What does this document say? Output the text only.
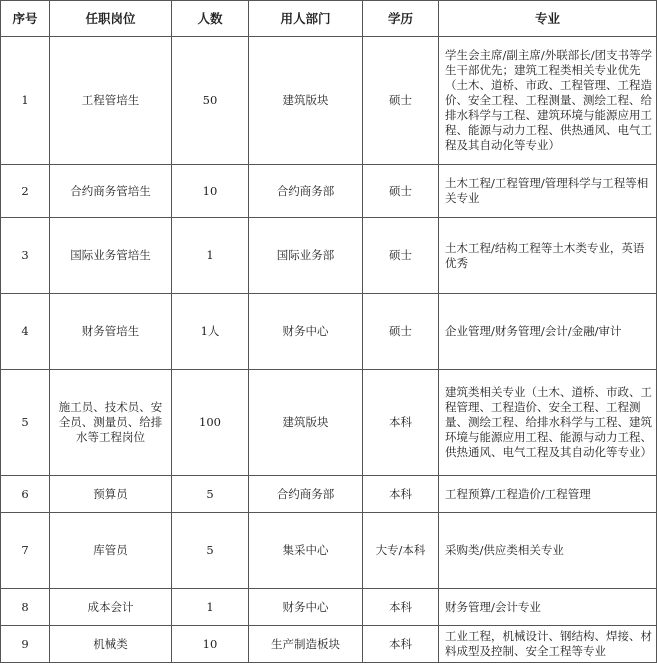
序号	任职岗位	人数	用人部门	学历	专业
1	工程管培生	50	建筑版块	硕士	学生会主席/副主席/外联部长/团支书等学生干部优先；建筑工程类相关专业优先（土木、道桥、市政、工程管理、工程造价、安全工程、工程测量、测绘工程、给排水科学与工程、建筑环境与能源应用工程、能源与动力工程、供热通风、电气工程及其自动化等专业）
2	合约商务管培生	10	合约商务部	硕士	土木工程/工程管理/管理科学与工程等相关专业
3	国际业务管培生	1	国际业务部	硕士	土木工程/结构工程等土木类专业，英语优秀
4	财务管培生	1人	财务中心	硕士	企业管理/财务管理/会计/金融/审计
5	施工员、技术员、安全员、测量员、给排水等工程岗位	100	建筑版块	本科	建筑类相关专业（土木、道桥、市政、工程管理、工程造价、安全工程、工程测量、测绘工程、给排水科学与工程、建筑环境与能源应用工程、能源与动力工程、供热通风、电气工程及其自动化等专业）
6	预算员	5	合约商务部	本科	工程预算/工程造价/工程管理
7	库管员	5	集采中心	大专/本科	采购类/供应类相关专业
8	成本会计	1	财务中心	本科	财务管理/会计专业
9	机械类	10	生产制造板块	本科	工业工程，机械设计、钢结构、焊接、材料成型及控制、安全工程等专业
